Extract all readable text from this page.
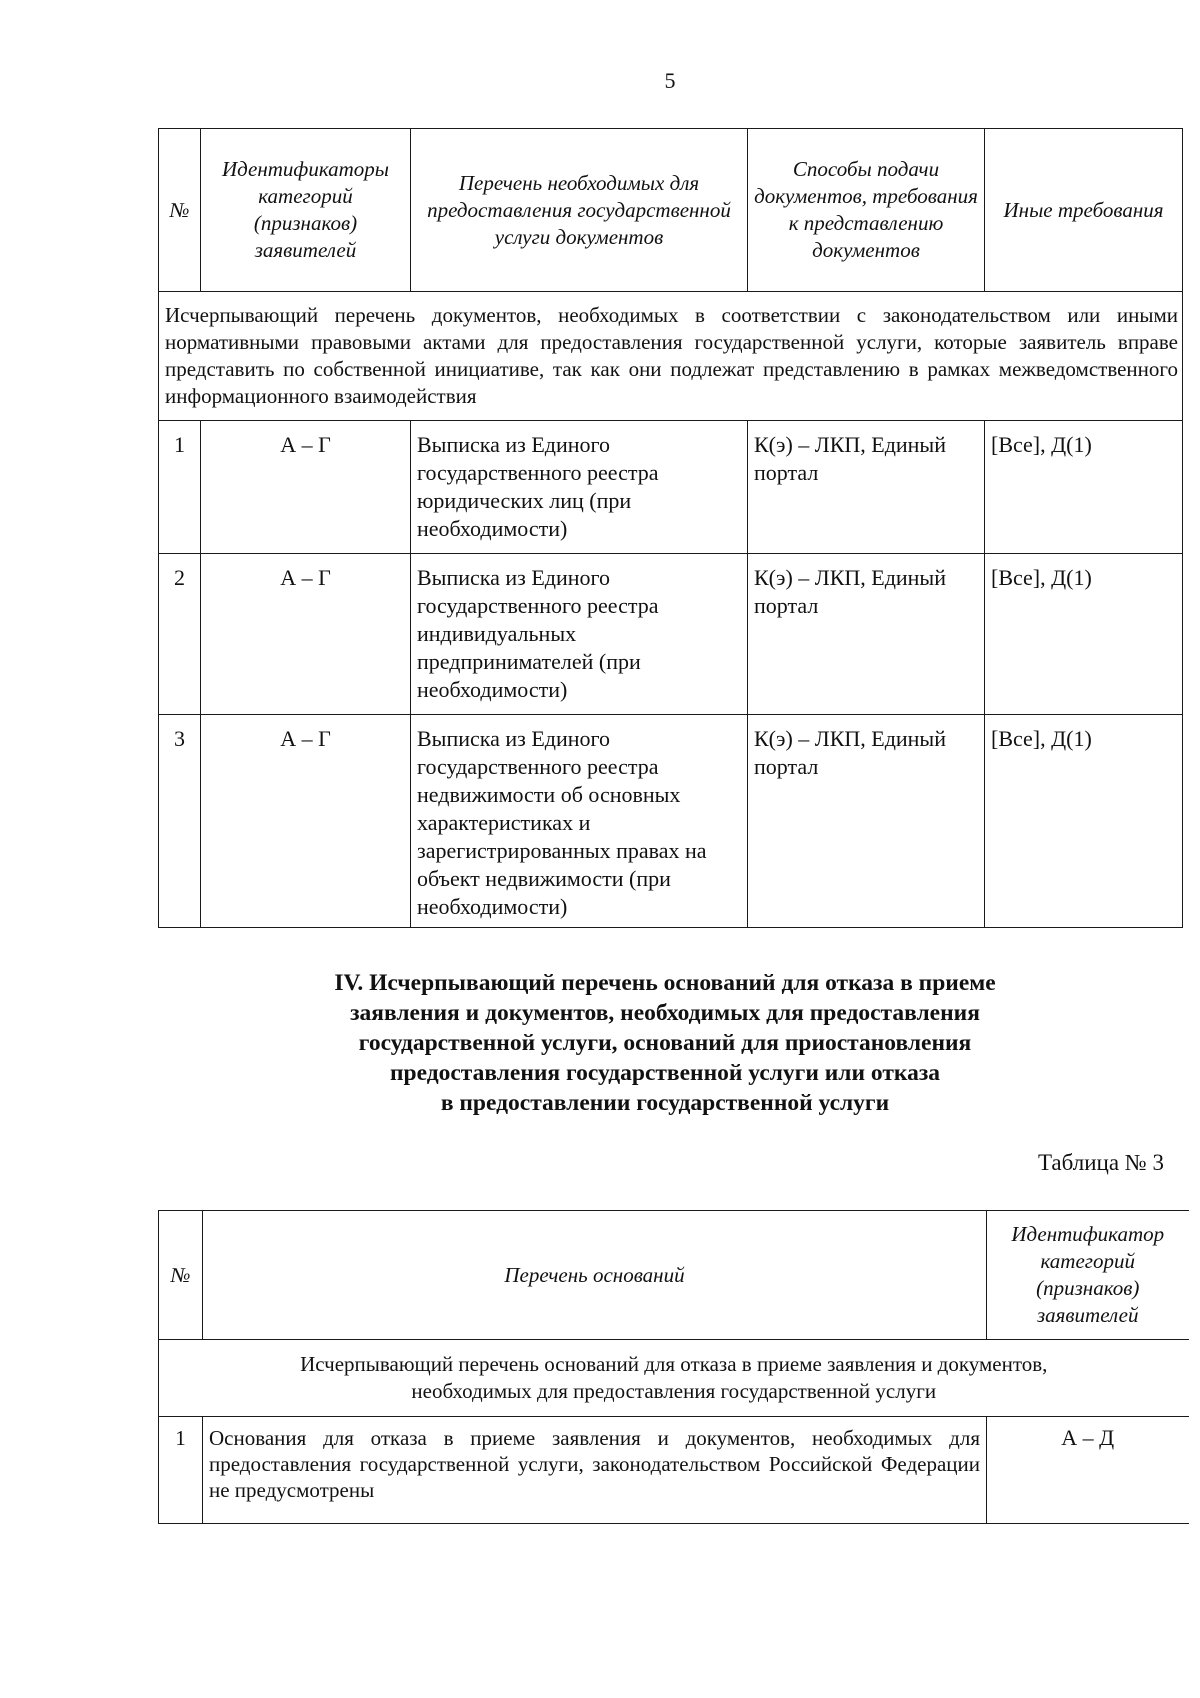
5
№	Идентификаторы категорий (признаков) заявителей	Перечень необходимых для предоставления государственной услуги документов	Способы подачи документов, требования к представлению документов	Иные требования
Исчерпывающий перечень документов, необходимых в соответствии с законодательством или иными нормативными правовыми актами для предоставления государственной услуги, которые заявитель вправе представить по собственной инициативе, так как они подлежат представлению в рамках межведомственного информационного взаимодействия				
1	А – Г	Выписка из Единого государственного реестра юридических лиц (при необходимости)	К(э) – ЛКП, Единый портал	[Все], Д(1)
2	А – Г	Выписка из Единого государственного реестра индивидуальных предпринимателей (при необходимости)	К(э) – ЛКП, Единый портал	[Все], Д(1)
3	А – Г	Выписка из Единого государственного реестра недвижимости об основных характеристиках и зарегистрированных правах на объект недвижимости (при необходимости)	К(э) – ЛКП, Единый портал	[Все], Д(1)
IV. Исчерпывающий перечень оснований для отказа в приеме
заявления и документов, необходимых для предоставления
государственной услуги, оснований для приостановления
предоставления государственной услуги или отказа
в предоставлении государственной услуги
Таблица № 3
№	Перечень оснований	Идентификатор категорий (признаков) заявителей

Исчерпывающий перечень оснований для отказа в приеме заявления и документов,
необходимых для предоставления государственной услуги		

1	Основания для отказа в приеме заявления и документов, необходимых для предоставления государственной услуги, законодательством Российской Федерации не предусмотрены	А – Д
